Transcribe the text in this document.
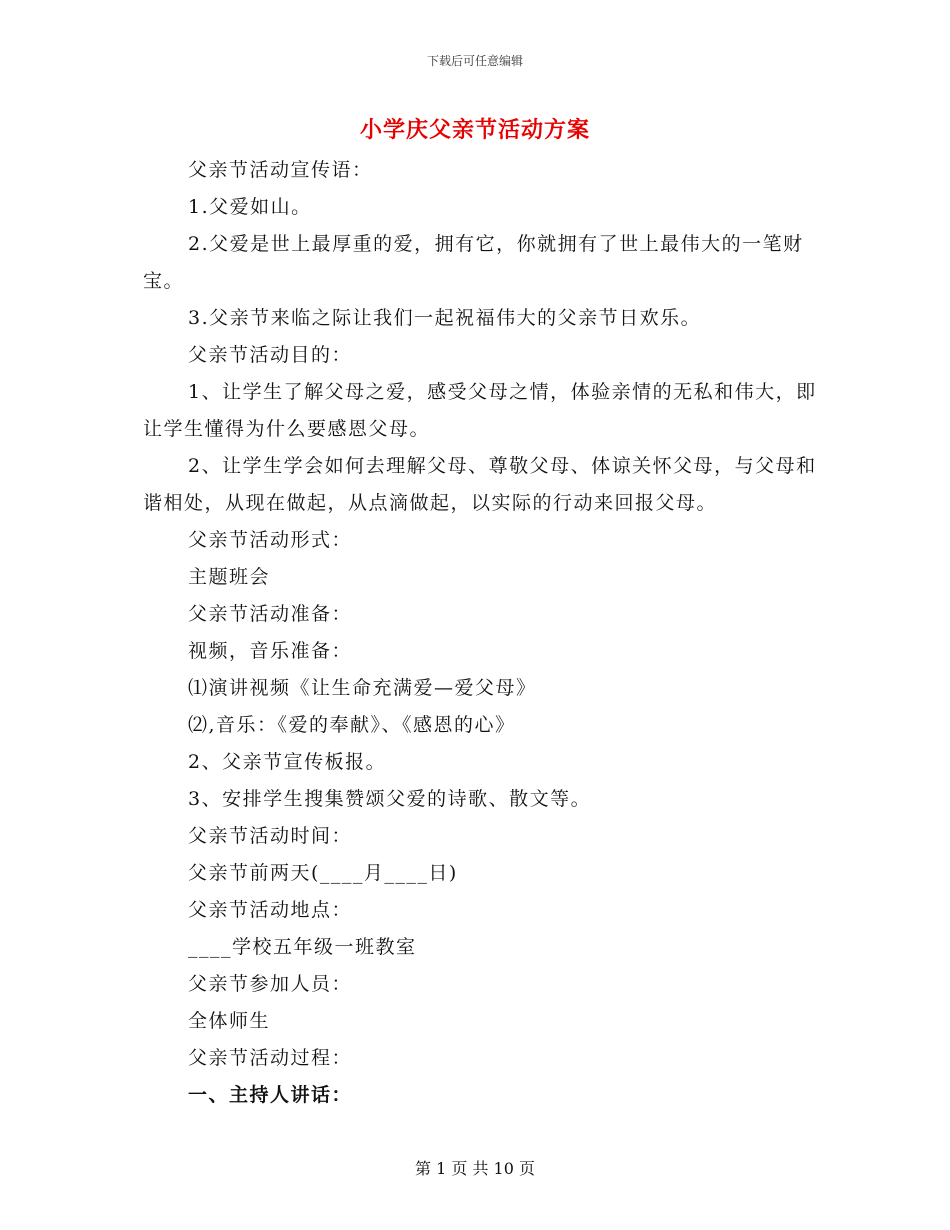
下载后可任意编辑
小学庆父亲节活动方案

父亲节活动宣传语：

1.父爱如山。

2.父爱是世上最厚重的爱，拥有它，你就拥有了世上最伟大的一笔财宝。

3.父亲节来临之际让我们一起祝福伟大的父亲节日欢乐。

父亲节活动目的：

1、让学生了解父母之爱，感受父母之情，体验亲情的无私和伟大，即让学生懂得为什么要感恩父母。

2、让学生学会如何去理解父母、尊敬父母、体谅关怀父母，与父母和谐相处，从现在做起，从点滴做起，以实际的行动来回报父母。

父亲节活动形式：

主题班会

父亲节活动准备：

视频，音乐准备：

⑴演讲视频《让生命充满爱—爱父母》

⑵,音乐：《爱的奉献》、《感恩的心》

2、父亲节宣传板报。

3、安排学生搜集赞颂父爱的诗歌、散文等。

父亲节活动时间：

父亲节前两天(____月____日)

父亲节活动地点：

____学校五年级一班教室

父亲节参加人员：

全体师生

父亲节活动过程：

一、主持人讲话：

第 1 页 共 10 页
